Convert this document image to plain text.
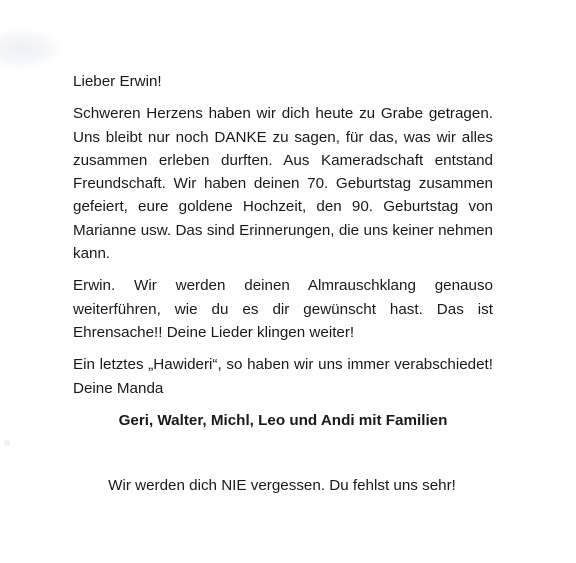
Lieber Erwin!

Schweren Herzens haben wir dich heute zu Grabe getragen. Uns bleibt nur noch DANKE zu sagen, für das, was wir alles zusammen erleben durften. Aus Kameradschaft entstand Freundschaft. Wir haben deinen 70. Geburtstag zusammen gefeiert, eure goldene Hochzeit, den 90. Geburtstag von Marianne usw. Das sind Erinnerungen, die uns keiner nehmen kann.

Erwin. Wir werden deinen Almrauschklang genauso weiterführen, wie du es dir gewünscht hast. Das ist Ehrensache!! Deine Lieder klingen weiter!

Ein letztes „Hawideri“, so haben wir uns immer verabschiedet! Deine Manda

Geri, Walter, Michl, Leo und Andi mit Familien

Wir werden dich NIE vergessen. Du fehlst uns sehr!
